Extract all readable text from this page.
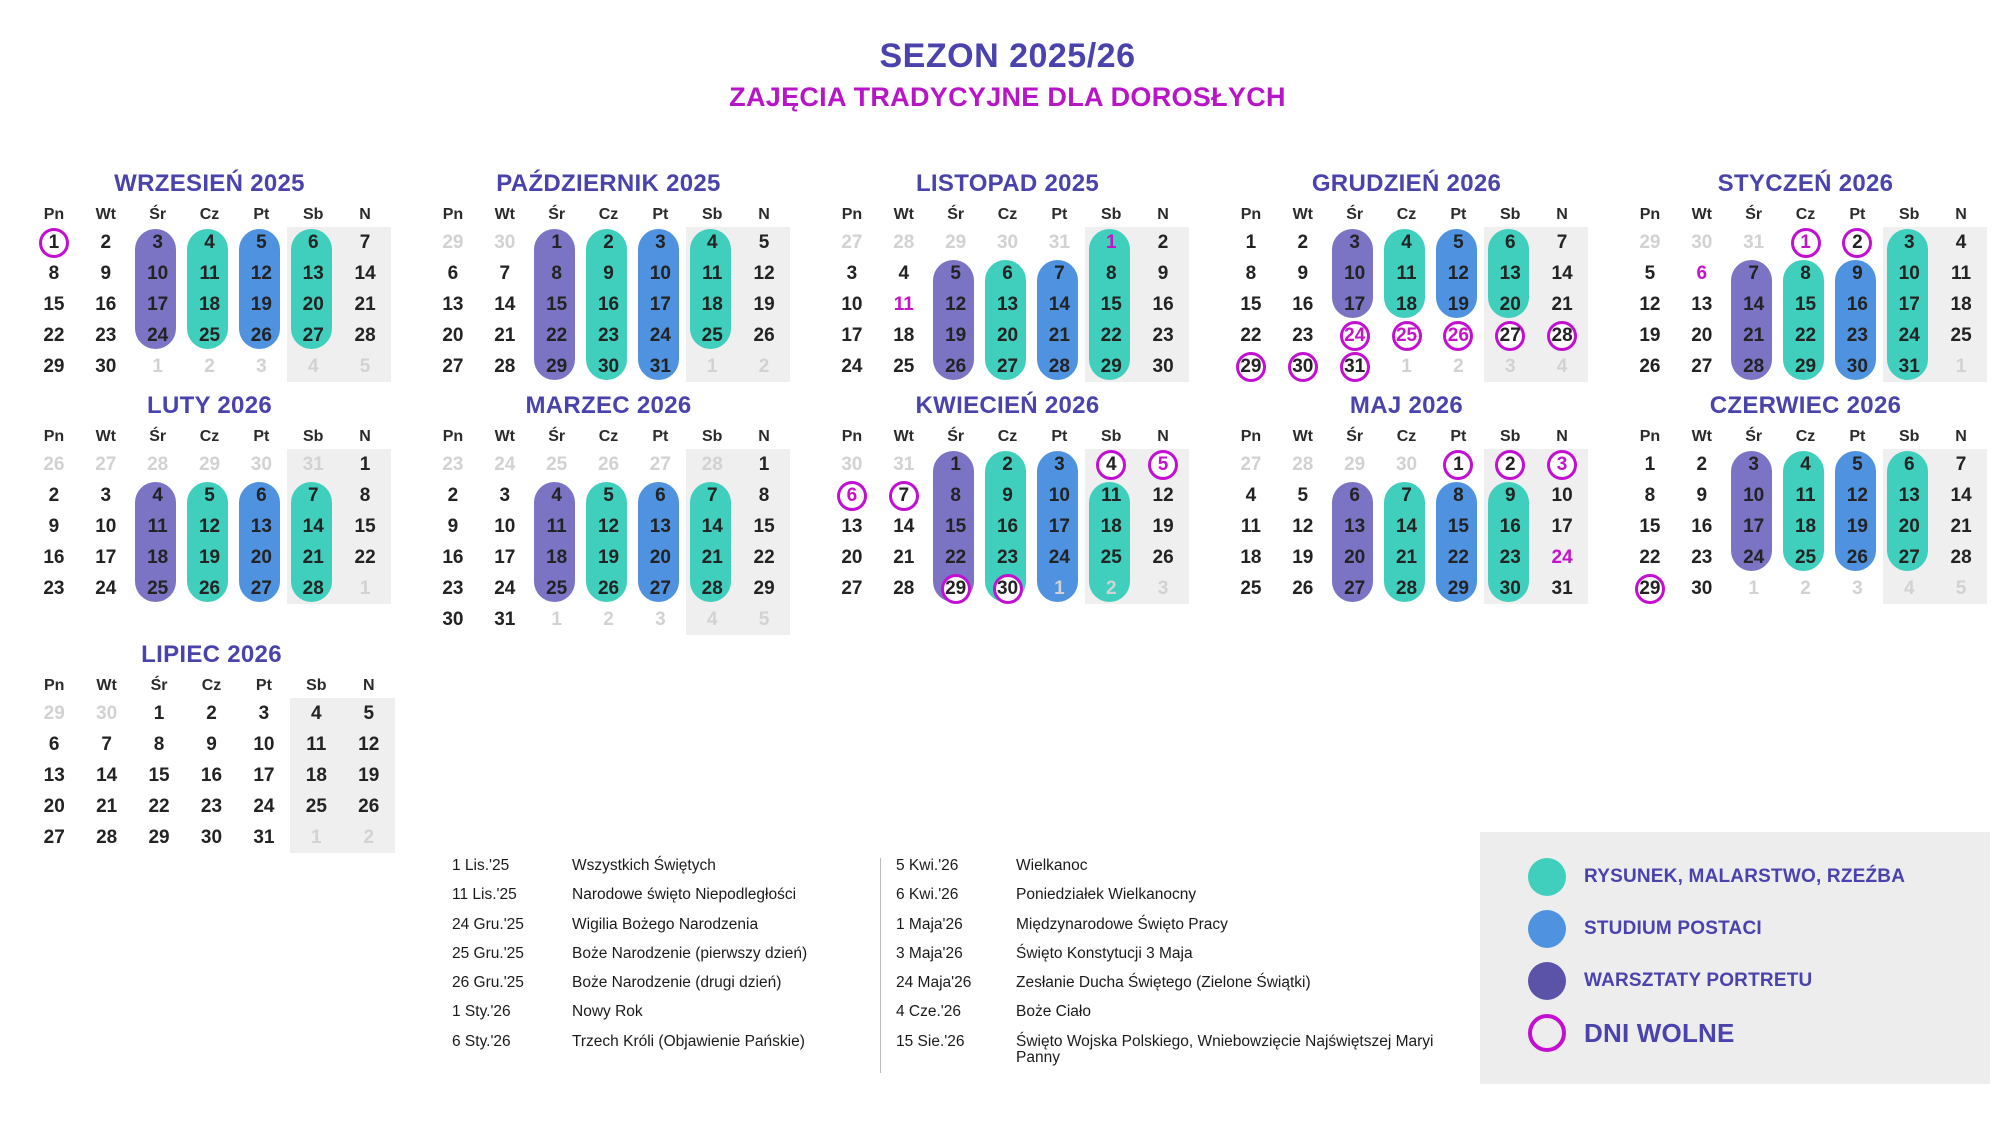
SEZON 2025/26
ZAJĘCIA TRADYCYJNE DLA DOROSŁYCH
WRZESIEŃ 2025
Pn	Wt	Śr	Cz	Pt	Sb	N
1 2 3 4 5 6 7
8 9 10 11 12 13 14
15 16 17 18 19 20 21
22 23 24 25 26 27 28
29 30 1 2 3 4 5
PAŹDZIERNIK 2025
Pn	Wt	Śr	Cz	Pt	Sb	N
29 30 1 2 3 4 5
6 7 8 9 10 11 12
13 14 15 16 17 18 19
20 21 22 23 24 25 26
27 28 29 30 31 1 2
LISTOPAD 2025
Pn	Wt	Śr	Cz	Pt	Sb	N
27 28 29 30 31 1 2
3 4 5 6 7 8 9
10 11 12 13 14 15 16
17 18 19 20 21 22 23
24 25 26 27 28 29 30
GRUDZIEŃ 2026
Pn	Wt	Śr	Cz	Pt	Sb	N
1 2 3 4 5 6 7
8 9 10 11 12 13 14
15 16 17 18 19 20 21
22 23 24 25 26 27 28
29 30 31 1 2 3 4
STYCZEŃ 2026
Pn	Wt	Śr	Cz	Pt	Sb	N
29 30 31 1 2 3 4
5 6 7 8 9 10 11
12 13 14 15 16 17 18
19 20 21 22 23 24 25
26 27 28 29 30 31 1
LUTY 2026
Pn	Wt	Śr	Cz	Pt	Sb	N
26 27 28 29 30 31 1
2 3 4 5 6 7 8
9 10 11 12 13 14 15
16 17 18 19 20 21 22
23 24 25 26 27 28 1
MARZEC 2026
Pn	Wt	Śr	Cz	Pt	Sb	N
23 24 25 26 27 28 1
2 3 4 5 6 7 8
9 10 11 12 13 14 15
16 17 18 19 20 21 22
23 24 25 26 27 28 29
30 31 1 2 3 4 5
KWIECIEŃ 2026
Pn	Wt	Śr	Cz	Pt	Sb	N
30 31 1 2 3 4 5
6 7 8 9 10 11 12
13 14 15 16 17 18 19
20 21 22 23 24 25 26
27 28 29 30 1 2 3
MAJ 2026
Pn	Wt	Śr	Cz	Pt	Sb	N
27 28 29 30 1 2 3
4 5 6 7 8 9 10
11 12 13 14 15 16 17
18 19 20 21 22 23 24
25 26 27 28 29 30 31
CZERWIEC 2026
Pn	Wt	Śr	Cz	Pt	Sb	N
1 2 3 4 5 6 7
8 9 10 11 12 13 14
15 16 17 18 19 20 21
22 23 24 25 26 27 28
29 30 1 2 3 4 5
LIPIEC 2026
Pn	Wt	Śr	Cz	Pt	Sb	N
29 30 1 2 3 4 5
6 7 8 9 10 11 12
13 14 15 16 17 18 19
20 21 22 23 24 25 26
27 28 29 30 31 1 2
1 Lis.'25	Wszystkich Świętych
11 Lis.'25	Narodowe święto Niepodległości
24 Gru.'25	Wigilia Bożego Narodzenia
25 Gru.'25	Boże Narodzenie (pierwszy dzień)
26 Gru.'25	Boże Narodzenie (drugi dzień)
1 Sty.'26	Nowy Rok
6 Sty.'26	Trzech Króli (Objawienie Pańskie)
5 Kwi.'26	Wielkanoc
6 Kwi.'26	Poniedziałek Wielkanocny
1 Maja'26	Międzynarodowe Święto Pracy
3 Maja'26	Święto Konstytucji 3 Maja
24 Maja'26	Zesłanie Ducha Świętego (Zielone Świątki)
4 Cze.'26	Boże Ciało
15 Sie.'26	Święto Wojska Polskiego, Wniebowzięcie Najświętszej Maryi Panny
RYSUNEK, MALARSTWO, RZEŹBA
STUDIUM POSTACI
WARSZTATY PORTRETU
DNI WOLNE
